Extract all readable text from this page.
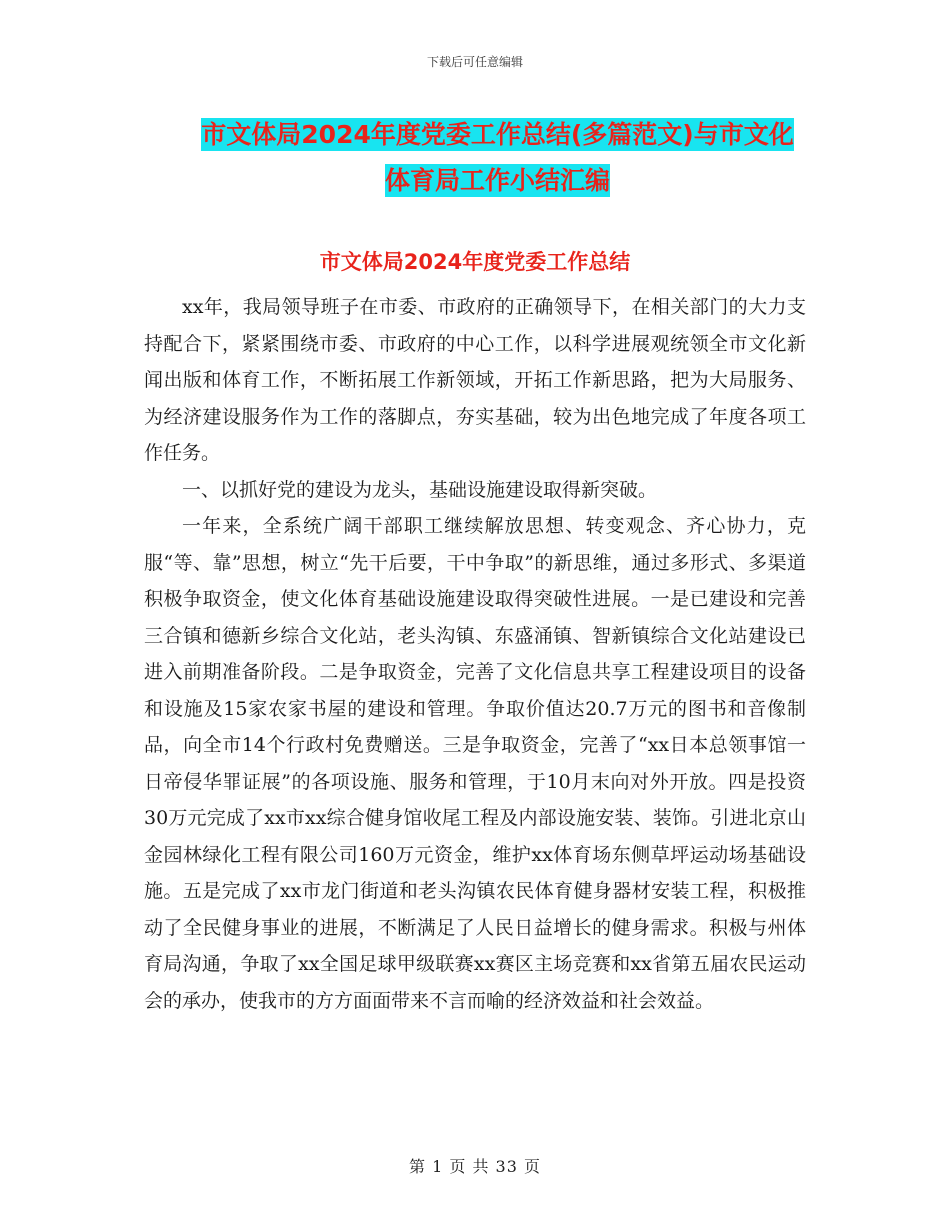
下载后可任意编辑
市文体局2024年度党委工作总结(多篇范文)与市文化
体育局工作小结汇编
市文体局2024年度党委工作总结

xx年，我局领导班子在市委、市政府的正确领导下，在相关部门的大力支持配合下，紧紧围绕市委、市政府的中心工作，以科学进展观统领全市文化新闻出版和体育工作，不断拓展工作新领域，开拓工作新思路，把为大局服务、为经济建设服务作为工作的落脚点，夯实基础，较为出色地完成了年度各项工作任务。

一、以抓好党的建设为龙头，基础设施建设取得新突破。

一年来，全系统广阔干部职工继续解放思想、转变观念、齐心协力，克服“等、靠”思想，树立“先干后要，干中争取”的新思维，通过多形式、多渠道积极争取资金，使文化体育基础设施建设取得突破性进展。一是已建设和完善三合镇和德新乡综合文化站，老头沟镇、东盛涌镇、智新镇综合文化站建设已进入前期准备阶段。二是争取资金，完善了文化信息共享工程建设项目的设备和设施及15家农家书屋的建设和管理。争取价值达20.7万元的图书和音像制品，向全市14个行政村免费赠送。三是争取资金，完善了“xx日本总领事馆一日帝侵华罪证展”的各项设施、服务和管理，于10月末向对外开放。四是投资30万元完成了xx市xx综合健身馆收尾工程及内部设施安装、装饰。引进北京山金园林绿化工程有限公司160万元资金，维护xx体育场东侧草坪运动场基础设施。五是完成了xx市龙门街道和老头沟镇农民体育健身器材安装工程，积极推动了全民健身事业的进展，不断满足了人民日益增长的健身需求。积极与州体育局沟通，争取了xx全国足球甲级联赛xx赛区主场竞赛和xx省第五届农民运动会的承办，使我市的方方面面带来不言而喻的经济效益和社会效益。

第 1 页 共 33 页
